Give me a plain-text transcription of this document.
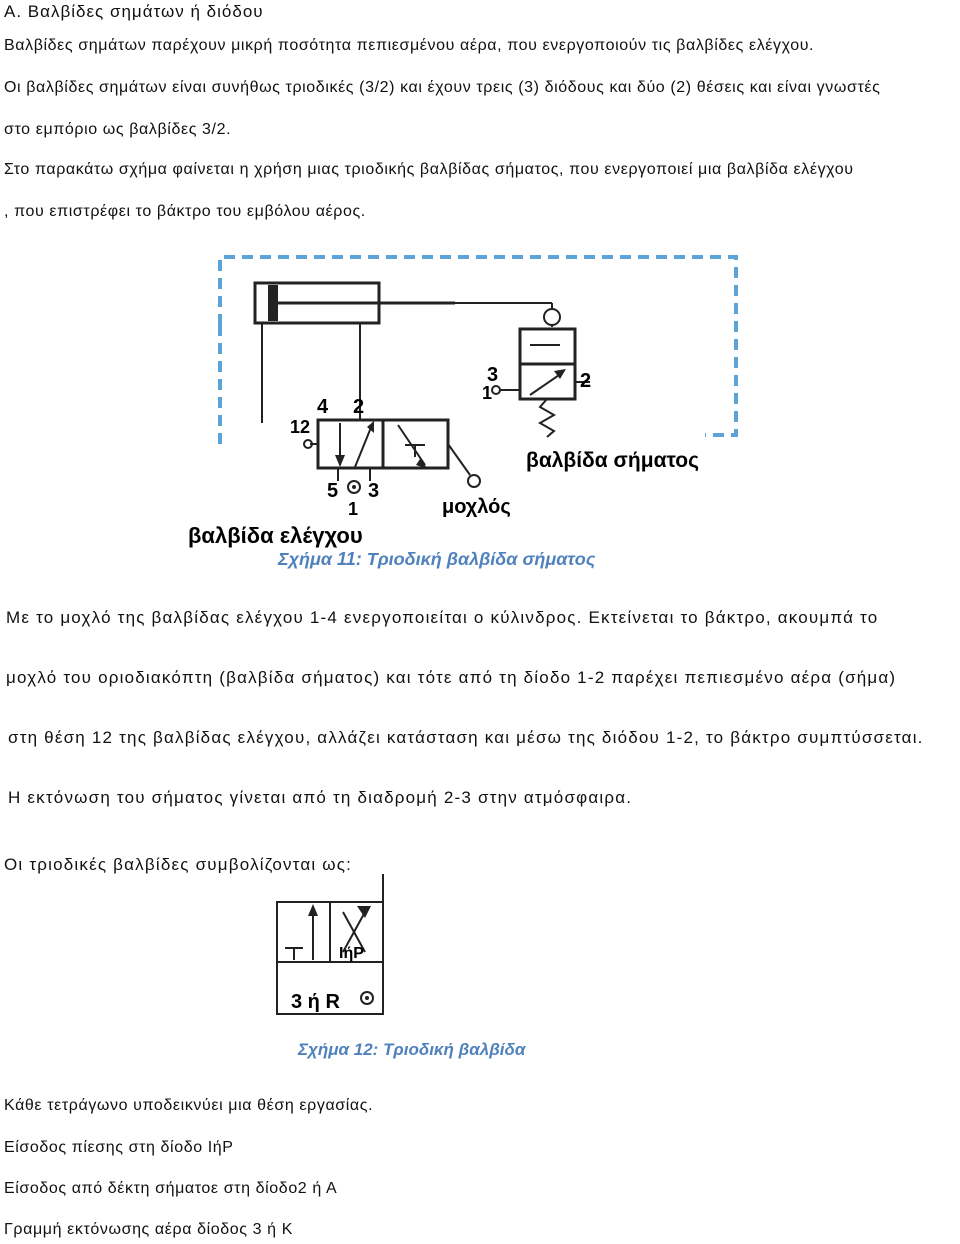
A. Βαλβίδες σημάτων ή διόδου
Βαλβίδες σημάτων παρέχουν μικρή ποσότητα πεπιεσμένου αέρα, που ενεργοποιούν τις βαλβίδες ελέγχου.
Οι βαλβίδες σημάτων είναι συνήθως τριοδικές (3/2) και έχουν τρεις (3) διόδους και δύο (2) θέσεις και είναι γνωστές
στο εμπόριο ως βαλβίδες 3/2.
Στο παρακάτω σχήμα φαίνεται η χρήση μιας τριοδικής βαλβίδας σήματος, που ενεργοποιεί μια βαλβίδα ελέγχου
, που επιστρέφει το βάκτρο του εμβόλου αέρος.
4 2
12
5 3
1
3
1
2
βαλβίδα σήματος
μοχλός
βαλβίδα ελέγχου
Σχήμα 11: Τριοδική βαλβίδα σήματος
Με το μοχλό της βαλβίδας ελέγχου 1-4 ενεργοποιείται ο κύλινδρος. Εκτείνεται το βάκτρο, ακουμπά το
μοχλό του οριοδιακόπτη (βαλβίδα σήματος) και τότε από τη δίοδο 1-2 παρέχει πεπιεσμένο αέρα (σήμα)
στη θέση 12 της βαλβίδας ελέγχου, αλλάζει κατάσταση και μέσω της διόδου 1-2, το βάκτρο συμπτύσσεται.
Η εκτόνωση του σήματος γίνεται από τη διαδρομή 2-3 στην ατμόσφαιρα.
Οι τριοδικές βαλβίδες συμβολίζονται ως:
ΙήΡ
3 ή R
Σχήμα 12: Τριοδική βαλβίδα
Κάθε τετράγωνο υποδεικνύει μια θέση εργασίας.
Είσοδος πίεσης στη δίοδο ΙήΡ
Είσοδος από δέκτη σήματοε στη δίοδο2 ή Α
Γραμμή εκτόνωσης αέρα δίοδος 3 ή Κ
